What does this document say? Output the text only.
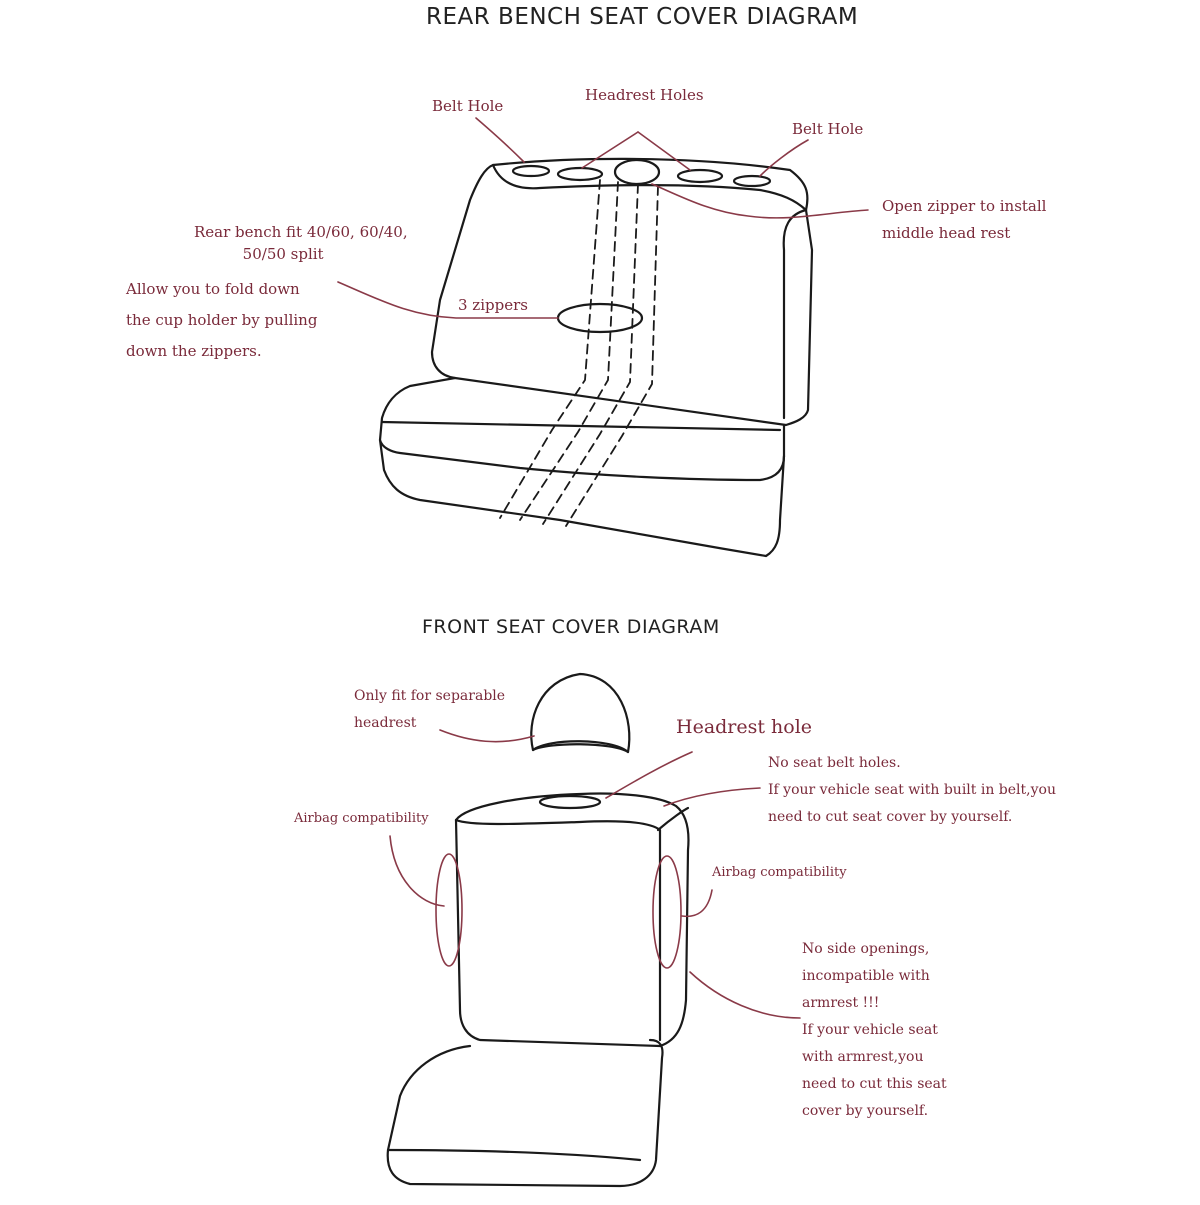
REAR BENCH SEAT COVER DIAGRAM
FRONT SEAT COVER DIAGRAM
Belt Hole
Headrest Holes
Belt Hole
Open zipper to install
middle head rest
Rear bench fit 40/60, 60/40,
50/50 split
Allow you to fold down
the cup holder by pulling
down the zippers.
3 zippers
Only fit for separable
headrest	Headrest hole
No seat belt holes.
If your vehicle seat with built in belt,you
need to cut seat cover by yourself.
Airbag compatibility
Airbag compatibility
No side openings,
incompatible with
armrest !!!
If your vehicle seat
with armrest,you
need to cut this seat
cover by yourself.
